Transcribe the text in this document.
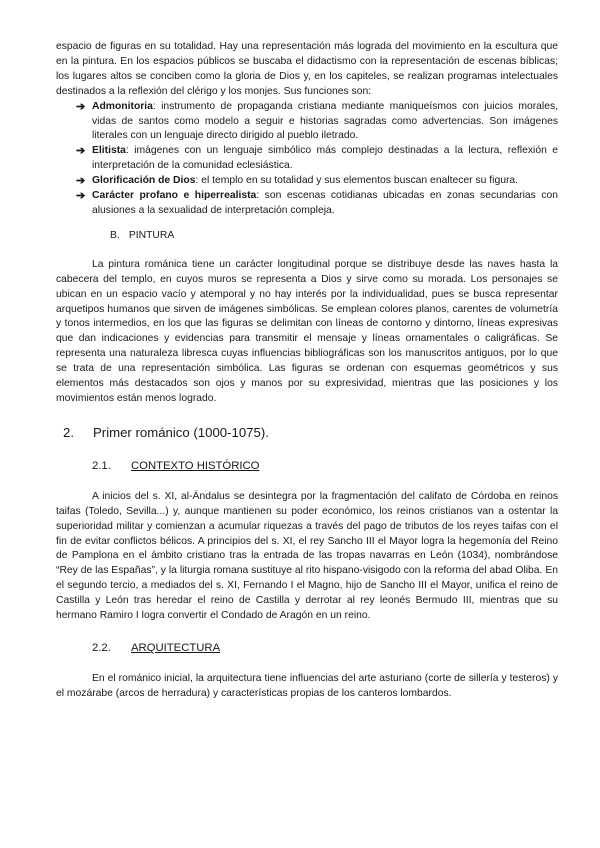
espacio de figuras en su totalidad. Hay una representación más lograda del movimiento en la escultura que en la pintura. En los espacios públicos se buscaba el didactismo con la representación de escenas bíblicas; los lugares altos se conciben como la gloria de Dios y, en los capiteles, se realizan programas intelectuales destinados a la reflexión del clérigo y los monjes. Sus funciones son:

➔ Admonitoria: instrumento de propaganda cristiana mediante maniqueísmos con juicios morales, vidas de santos como modelo a seguir e historias sagradas como advertencias. Son imágenes literales con un lenguaje directo dirigido al pueblo iletrado.
➔ Elitista: imágenes con un lenguaje simbólico más complejo destinadas a la lectura, reflexión e interpretación de la comunidad eclesiástica.
➔ Glorificación de Dios: el templo en su totalidad y sus elementos buscan enaltecer su figura.
➔ Carácter profano e hiperrealista: son escenas cotidianas ubicadas en zonas secundarias con alusiones a la sexualidad de interpretación compleja.
B. PINTURA

La pintura románica tiene un carácter longitudinal porque se distribuye desde las naves hasta la cabecera del templo, en cuyos muros se representa a Dios y sirve como su morada. Los personajes se ubican en un espacio vacío y atemporal y no hay interés por la individualidad, pues se busca representar arquetipos humanos que sirven de imágenes simbólicas. Se emplean colores planos, carentes de volumetría y tonos intermedios, en los que las figuras se delimitan con líneas de contorno y dintorno, líneas expresivas que dan indicaciones y evidencias para transmitir el mensaje y líneas ornamentales o caligráficas. Se representa una naturaleza libresca cuyas influencias bibliográficas son los manuscritos antiguos, por lo que se trata de una representación simbólica. Las figuras se ordenan con esquemas geométricos y sus elementos más destacados son ojos y manos por su expresividad, mientras que las posiciones y los movimientos están menos logrado.

2. Primer románico (1000-1075).
2.1. CONTEXTO HISTÓRICO

A inicios del s. XI, al-Ándalus se desintegra por la fragmentación del califato de Córdoba en reinos taifas (Toledo, Sevilla...) y, aunque mantienen su poder económico, los reinos cristianos van a ostentar la superioridad militar y comienzan a acumular riquezas a través del pago de tributos de los reyes taifas con el fin de evitar conflictos bélicos. A principios del s. XI, el rey Sancho III el Mayor logra la hegemonía del Reino de Pamplona en el ámbito cristiano tras la entrada de las tropas navarras en León (1034), nombrándose “Rey de las Españas”, y la liturgia romana sustituye al rito hispano-visigodo con la reforma del abad Oliba. En el segundo tercio, a mediados del s. XI, Fernando I el Magno, hijo de Sancho III el Mayor, unifica el reino de Castilla y León tras heredar el reino de Castilla y derrotar al rey leonés Bermudo III, mientras que su hermano Ramiro I logra convertir el Condado de Aragón en un reino.

2.2. ARQUITECTURA

En el románico inicial, la arquitectura tiene influencias del arte asturiano (corte de sillería y testeros) y el mozárabe (arcos de herradura) y características propias de los canteros lombardos.
